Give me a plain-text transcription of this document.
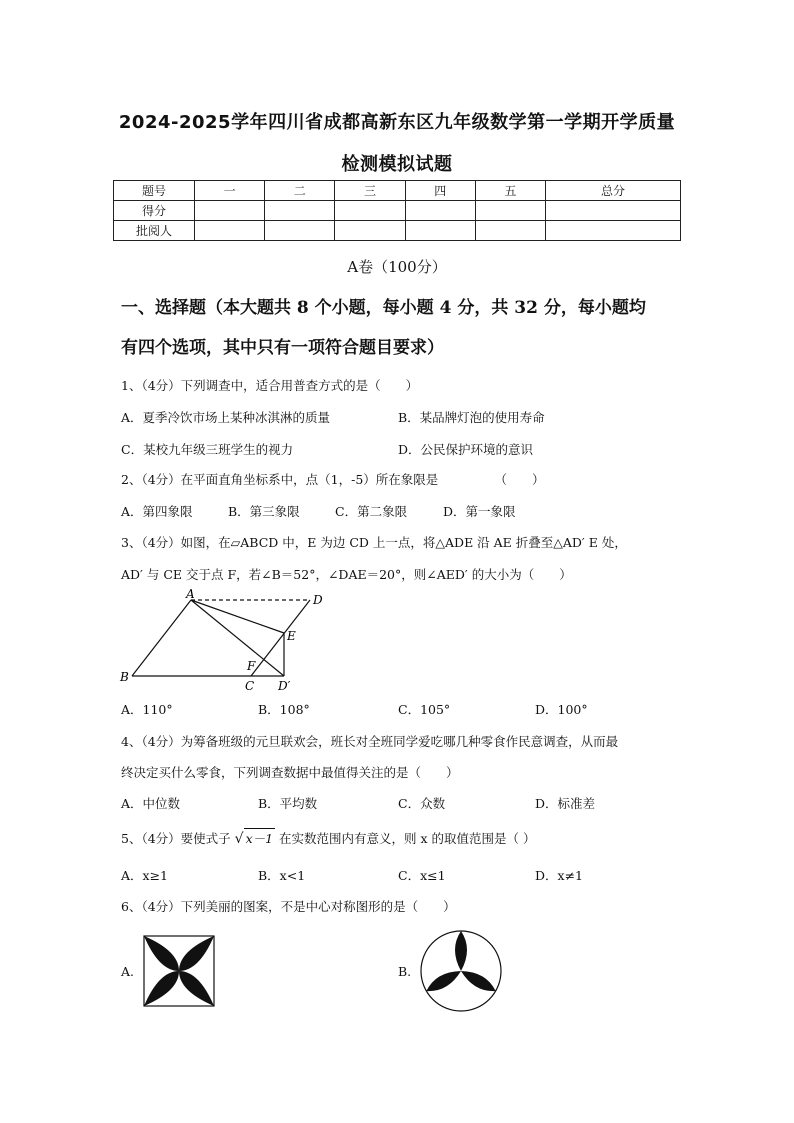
2024-2025学年四川省成都高新东区九年级数学第一学期开学质量
检测模拟试题
题号	一	二	三	四	五	总分
得分						
批阅人						
A卷（100分）
一、选择题（本大题共 8 个小题，每小题 4 分，共 32 分，每小题均
有四个选项，其中只有一项符合题目要求）
1、（4分）下列调查中，适合用普查方式的是（　　）
A．夏季冷饮市场上某种冰淇淋的质量	B．某品牌灯泡的使用寿命
C．某校九年级三班学生的视力	D．公民保护环境的意识
2、（4分）在平面直角坐标系中，点（1，-5）所在象限是　　　　　（　　）
A．第四象限	B．第三象限	C．第二象限	D．第一象限
3、（4分）如图，在▱ABCD 中，E 为边 CD 上一点，将△ADE 沿 AE 折叠至△AD′ E 处，
AD′ 与 CE 交于点 F，若∠B＝52°，∠DAE＝20°，则∠AED′ 的大小为（　　）
A
B
C
D
E
F
D′
A．110°	B．108°	C．105°	D．100°
4、（4分）为筹备班级的元旦联欢会，班长对全班同学爱吃哪几种零食作民意调查，从而最
终决定买什么零食，下列调查数据中最值得关注的是（　　）
A．中位数	B．平均数	C．众数	D．标准差
5、（4分）要使式子 √ x－1 在实数范围内有意义，则 x 的取值范围是（ ）
A．x≥1	B．x<1	C．x≤1	D．x≠1
6、（4分）下列美丽的图案，不是中心对称图形的是（　　）
A.	B.
